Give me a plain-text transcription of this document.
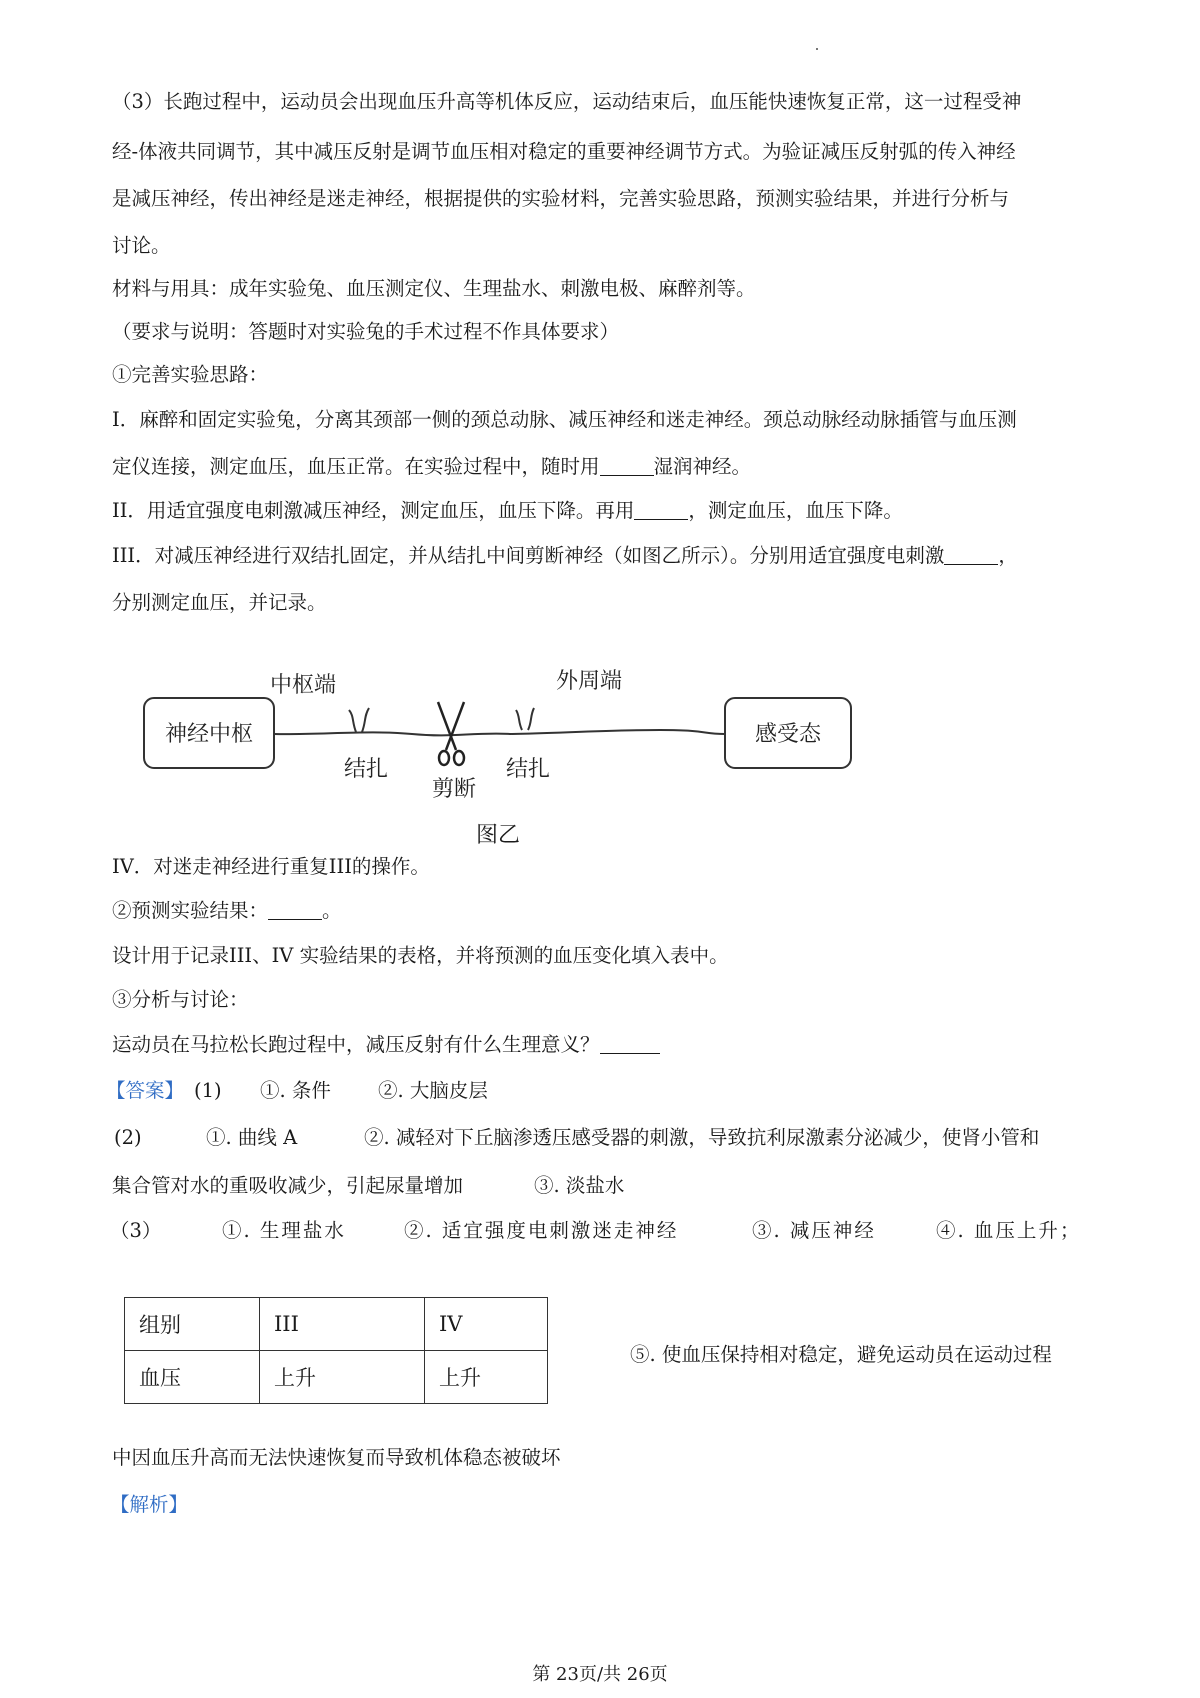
（3）长跑过程中，运动员会出现血压升高等机体反应，运动结束后，血压能快速恢复正常，这一过程受神
经-体液共同调节，其中减压反射是调节血压相对稳定的重要神经调节方式。为验证减压反射弧的传入神经
是减压神经，传出神经是迷走神经，根据提供的实验材料，完善实验思路，预测实验结果，并进行分析与
讨论。
材料与用具：成年实验兔、血压测定仪、生理盐水、刺激电极、麻醉剂等。
（要求与说明：答题时对实验兔的手术过程不作具体要求）
①完善实验思路：
I．麻醉和固定实验兔，分离其颈部一侧的颈总动脉、减压神经和迷走神经。颈总动脉经动脉插管与血压测
定仪连接，测定血压，血压正常。在实验过程中，随时用	湿润神经。
II．用适宜强度电刺激减压神经，测定血压，血压下降。再用	，测定血压，血压下降。
III．对减压神经进行双结扎固定，并从结扎中间剪断神经（如图乙所示）。分别用适宜强度电刺激	，
分别测定血压，并记录。
神经中枢	感受态
中枢端	外周端
结扎	结扎
剪断
图乙
IV．对迷走神经进行重复III的操作。
②预测实验结果：	。
设计用于记录III、IV 实验结果的表格，并将预测的血压变化填入表中。
③分析与讨论：
运动员在马拉松长跑过程中，减压反射有什么生理意义？
【答案】 (1) ①. 条件 ②. 大脑皮层
(2)	①. 曲线 A	②. 减轻对下丘脑渗透压感受器的刺激，导致抗利尿激素分泌减少，使肾小管和
集合管对水的重吸收减少，引起尿量增加	③. 淡盐水
（3）	①. 生理盐水	②. 适宜强度电刺激迷走神经	③. 减压神经	④. 血压上升；
组别	III	IV
血压	上升	上升
⑤. 使血压保持相对稳定，避免运动员在运动过程
中因血压升高而无法快速恢复而导致机体稳态被破坏
【解析】
第 23页/共 26页
